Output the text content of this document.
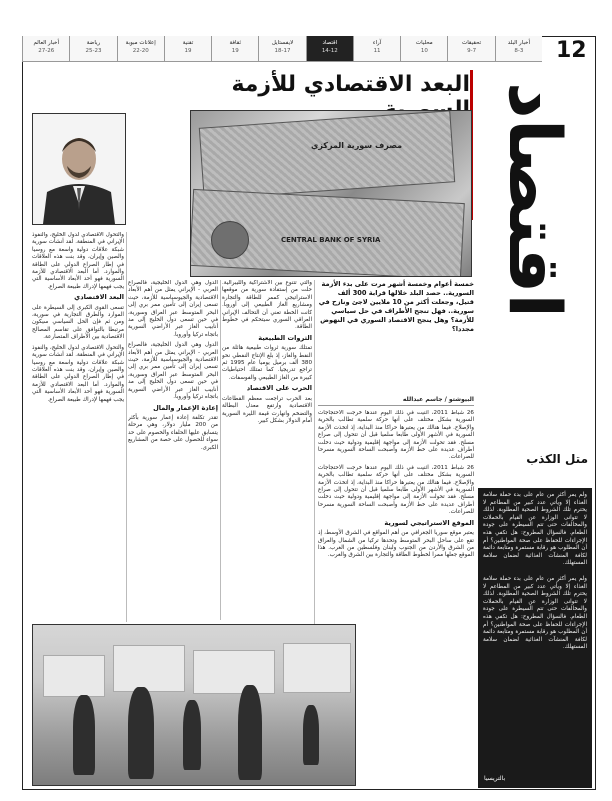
أخبار البلد
8-3
تحقيقات
9-7
محليات
10
آراء
11
اقتصاد
14-12
لايفستايل
18-17
ثقافة
19
تقنية
19
إعلانات مبوبة
22-20
رياضة
25-23
أخبار العالم
27-26	12
اقتصاد
البعد الاقتصادي للأزمة
مصرف سورية المركزي
CENTRAL BANK OF SYRIA

والتحول الاقتصادي لدول الخليج، والنفوذ الإيراني في المنطقة. لقد أنشأت سورية شبكة علاقات دولية واسعة مع روسيا والصين وإيران، وقد بنت هذه العلاقات في إطار الصراع الدولي على الطاقة والموارد. أما البعد الاقتصادي للأزمة السورية فهو أحد الأبعاد الأساسية التي يجب فهمها لإدراك طبيعة الصراع.

البعد الاقتصادي

تسعى القوى الكبرى إلى السيطرة على الموارد والطرق التجارية في سورية، ومن ثم فإن الحل السياسي سيكون مرتبطا بالتوافق على تقاسم المصالح الاقتصادية بين الأطراف المتصارعة.

والتحول الاقتصادي لدول الخليج، والنفوذ الإيراني في المنطقة. لقد أنشأت سورية شبكة علاقات دولية واسعة مع روسيا والصين وإيران، وقد بنت هذه العلاقات في إطار الصراع الدولي على الطاقة والموارد. أما البعد الاقتصادي للأزمة السورية فهو أحد الأبعاد الأساسية التي يجب فهمها لإدراك طبيعة الصراع.

الدول وهي الدول الخليجية، فالصراع العربي - الإيراني يمثل من أهم الأبعاد الاقتصادية والجيوسياسية للأزمة، حيث تسعى إيران إلى تأمين ممر بري إلى البحر المتوسط عبر العراق وسورية، في حين تسعى دول الخليج إلى مد أنابيب الغاز عبر الأراضي السورية باتجاه تركيا وأوروبا.

الدول وهي الدول الخليجية، فالصراع العربي - الإيراني يمثل من أهم الأبعاد الاقتصادية والجيوسياسية للأزمة، حيث تسعى إيران إلى تأمين ممر بري إلى البحر المتوسط عبر العراق وسورية، في حين تسعى دول الخليج إلى مد أنابيب الغاز عبر الأراضي السورية باتجاه تركيا وأوروبا.

إعادة الإعمار والمال

تقدر تكلفة إعادة إعمار سورية بأكثر من 200 مليار دولار، وهي مرحلة يتسابق عليها الحلفاء والخصوم على حد سواء للحصول على حصة من المشاريع الكبرى.

والتي تتنوع بين الاشتراكية والليبرالية. حلت من إستفادة سورية من موقعها الاستراتيجي كممر للطاقة والتجارة ومشاريع الغاز الطبيعي إلى أوروبا. كانت الخطة تعني أن التحالف الإيراني العراقي السوري سيتحكم في خطوط الطاقة.

الثروات الطبيعية

تمتلك سورية ثروات طبيعية هائلة من النفط والغاز، إذ بلغ الإنتاج النفطي نحو 380 ألف برميل يوميا عام 1995 ثم تراجع تدريجيا. كما تمتلك احتياطيات كبيرة من الغاز الطبيعي والفوسفات.

الحرب على الاقتصاد

بعد الحرب تراجعت معظم القطاعات الاقتصادية وارتفع معدل البطالة والتضخم وانهارت قيمة الليرة السورية أمام الدولار بشكل كبير.

خمسة أعوام وخمسة أشهر مرت على بدء الأزمة السورية.. حصد البلد خلالها قرابة 300 ألف قتيل، وجعلت أكثر من 10 ملايين لاجئ ونازح في سورية.. فهل تنجح الأطراف في حل سياسي للأزمة؟ وهل ينجح الاقتصاد السوري في النهوض مجددا؟
البيوشتو / جاسم عبدالله

26 شباط 2011، اثنيت في ذلك اليوم عندها خرجت الاحتجاجات السورية بشكل مختلف على أنها حركة سلمية تطالب بالحرية والإصلاح. فيما هنالك من يعتبرها حراكا منذ البداية، إذ اتخذت الأزمة السورية في الأشهر الأولى طابعا سلميا قبل أن تتحول إلى صراع مسلح. فقد تحولت الأزمة إلى مواجهة إقليمية ودولية حيث دخلت أطراف عديدة على خط الأزمة وأصبحت الساحة السورية مسرحا للصراعات.

26 شباط 2011، اثنيت في ذلك اليوم عندها خرجت الاحتجاجات السورية بشكل مختلف على أنها حركة سلمية تطالب بالحرية والإصلاح. فيما هنالك من يعتبرها حراكا منذ البداية، إذ اتخذت الأزمة السورية في الأشهر الأولى طابعا سلميا قبل أن تتحول إلى صراع مسلح. فقد تحولت الأزمة إلى مواجهة إقليمية ودولية حيث دخلت أطراف عديدة على خط الأزمة وأصبحت الساحة السورية مسرحا للصراعات.

الموقع الاستراتيجي لسورية

يعتبر موقع سوريا الجغرافي من أهم المواقع في الشرق الأوسط، إذ تقع على ساحل البحر المتوسط وتحدها تركيا من الشمال والعراق من الشرق والأردن من الجنوب ولبنان وفلسطين من الغرب. هذا الموقع جعلها ممرا لخطوط الطاقة والتجارة بين الشرق والغرب.

متل الكذب

ولم يمر أكثر من عام على بدء حملة سلامة الغذاء إلا ويأتي عدد كبير من المطاعم لا يحترم تلك الشروط الصحية المطلوبة. لذلك لا تتوانى الوزارة عن القيام بالحملات والمخالفات حتى تتم السيطرة على جودة الطعام. فالسؤال المطروح: هل تكفي هذه الإجراءات للحفاظ على صحة المواطنين؟ أم أن المطلوب هو رقابة مستمرة ومتابعة دائمة لكافة المنشآت الغذائية لضمان سلامة المستهلك.

ولم يمر أكثر من عام على بدء حملة سلامة الغذاء إلا ويأتي عدد كبير من المطاعم لا يحترم تلك الشروط الصحية المطلوبة. لذلك لا تتوانى الوزارة عن القيام بالحملات والمخالفات حتى تتم السيطرة على جودة الطعام. فالسؤال المطروح: هل تكفي هذه الإجراءات للحفاظ على صحة المواطنين؟ أم أن المطلوب هو رقابة مستمرة ومتابعة دائمة لكافة المنشآت الغذائية لضمان سلامة المستهلك.

بالتريسيا
